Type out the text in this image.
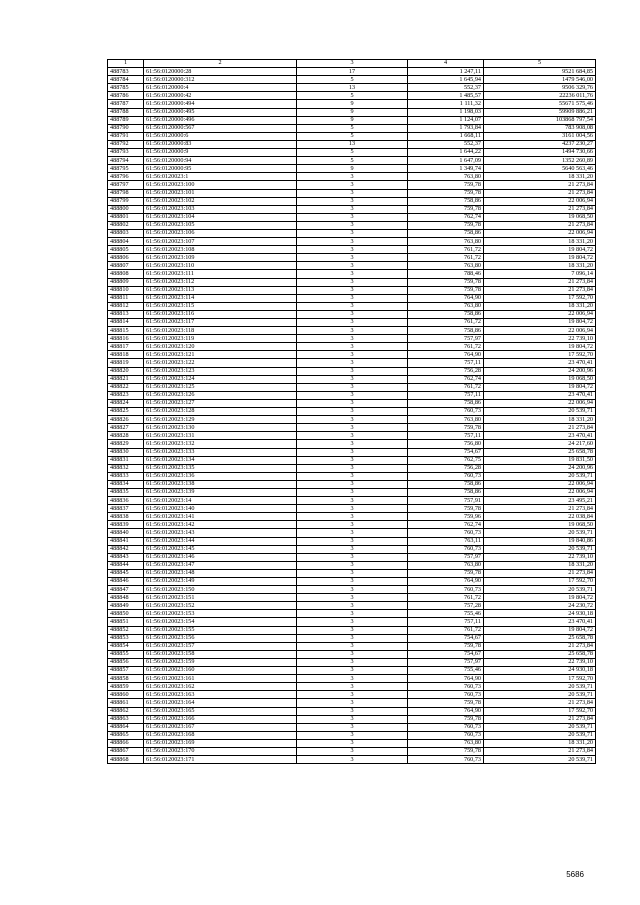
1	2	3	4	5
488783	61:56:0120000:28	17	1 247,11	9521 684,85
488784	61:56:0120000:312	5	1 645,94	1479 546,00
488785	61:56:0120000:4	13	552,37	9506 329,76
488786	61:56:0120000:42	5	1 485,57	22236 011,76
488787	61:56:0120000:494	9	1 111,32	55671 575,46
488788	61:56:0120000:495	9	1 198,03	59909 886,21
488789	61:56:0120000:496	9	1 124,07	103868 797,54
488790	61:56:0120000:567	5	1 793,84	783 908,08
488791	61:56:0120000:6	5	1 668,11	3161 004,56
488792	61:56:0120000:83	13	552,37	4237 230,27
488793	61:56:0120000:9	5	1 644,22	1494 730,66
488794	61:56:0120000:94	5	1 647,09	1352 260,89
488795	61:56:0120000:95	9	1 349,74	5640 563,46
488796	61:56:0120023:1	3	763,80	18 331,20
488797	61:56:0120023:100	3	759,78	21 273,84
488798	61:56:0120023:101	3	759,78	21 273,84
488799	61:56:0120023:102	3	758,86	22 006,94
488800	61:56:0120023:103	3	759,78	21 273,84
488801	61:56:0120023:104	3	762,74	19 068,50
488802	61:56:0120023:105	3	759,78	21 273,84
488803	61:56:0120023:106	3	758,86	22 006,94
488804	61:56:0120023:107	3	763,80	18 331,20
488805	61:56:0120023:108	3	761,72	19 804,72
488806	61:56:0120023:109	3	761,72	19 804,72
488807	61:56:0120023:110	3	763,80	18 331,20
488808	61:56:0120023:111	3	788,46	7 096,14
488809	61:56:0120023:112	3	759,78	21 273,84
488810	61:56:0120023:113	3	759,78	21 273,84
488811	61:56:0120023:114	3	764,90	17 592,70
488812	61:56:0120023:115	3	763,80	18 331,20
488813	61:56:0120023:116	3	758,86	22 006,94
488814	61:56:0120023:117	3	761,72	19 804,72
488815	61:56:0120023:118	3	758,86	22 006,94
488816	61:56:0120023:119	3	757,97	22 739,10
488817	61:56:0120023:120	3	761,72	19 804,72
488818	61:56:0120023:121	3	764,90	17 592,70
488819	61:56:0120023:122	3	757,11	23 470,41
488820	61:56:0120023:123	3	756,28	24 200,96
488821	61:56:0120023:124	3	762,74	19 068,50
488822	61:56:0120023:125	3	761,72	19 804,72
488823	61:56:0120023:126	3	757,11	23 470,41
488824	61:56:0120023:127	3	758,86	22 006,94
488825	61:56:0120023:128	3	760,73	20 539,71
488826	61:56:0120023:129	3	763,80	18 331,20
488827	61:56:0120023:130	3	759,78	21 273,84
488828	61:56:0120023:131	3	757,11	23 470,41
488829	61:56:0120023:132	3	756,80	24 217,60
488830	61:56:0120023:133	3	754,67	25 658,78
488831	61:56:0120023:134	3	762,75	19 831,50
488832	61:56:0120023:135	3	756,28	24 200,96
488833	61:56:0120023:136	3	760,73	20 539,71
488834	61:56:0120023:138	3	758,86	22 006,94
488835	61:56:0120023:139	3	758,86	22 006,94
488836	61:56:0120023:14	3	757,91	23 495,21
488837	61:56:0120023:140	3	759,78	21 273,84
488838	61:56:0120023:141	3	759,96	22 038,84
488839	61:56:0120023:142	3	762,74	19 068,50
488840	61:56:0120023:143	3	760,73	20 539,71
488841	61:56:0120023:144	3	763,11	19 840,86
488842	61:56:0120023:145	3	760,73	20 539,71
488843	61:56:0120023:146	3	757,97	22 739,10
488844	61:56:0120023:147	3	763,80	18 331,20
488845	61:56:0120023:148	3	759,78	21 273,84
488846	61:56:0120023:149	3	764,90	17 592,70
488847	61:56:0120023:150	3	760,73	20 539,71
488848	61:56:0120023:151	3	761,72	19 804,72
488849	61:56:0120023:152	3	757,28	24 230,72
488850	61:56:0120023:153	3	755,46	24 930,18
488851	61:56:0120023:154	3	757,11	23 470,41
488852	61:56:0120023:155	3	761,72	19 804,72
488853	61:56:0120023:156	3	754,67	25 658,78
488854	61:56:0120023:157	3	759,78	21 273,84
488855	61:56:0120023:158	3	754,67	25 658,78
488856	61:56:0120023:159	3	757,97	22 739,10
488857	61:56:0120023:160	3	755,46	24 930,18
488858	61:56:0120023:161	3	764,90	17 592,70
488859	61:56:0120023:162	3	760,73	20 539,71
488860	61:56:0120023:163	3	760,73	20 539,71
488861	61:56:0120023:164	3	759,78	21 273,84
488862	61:56:0120023:165	3	764,90	17 592,70
488863	61:56:0120023:166	3	759,78	21 273,84
488864	61:56:0120023:167	3	760,73	20 539,71
488865	61:56:0120023:168	3	760,73	20 539,71
488866	61:56:0120023:169	3	763,80	18 331,20
488867	61:56:0120023:170	3	759,78	21 273,84
488868	61:56:0120023:171	3	760,73	20 539,71
5686
